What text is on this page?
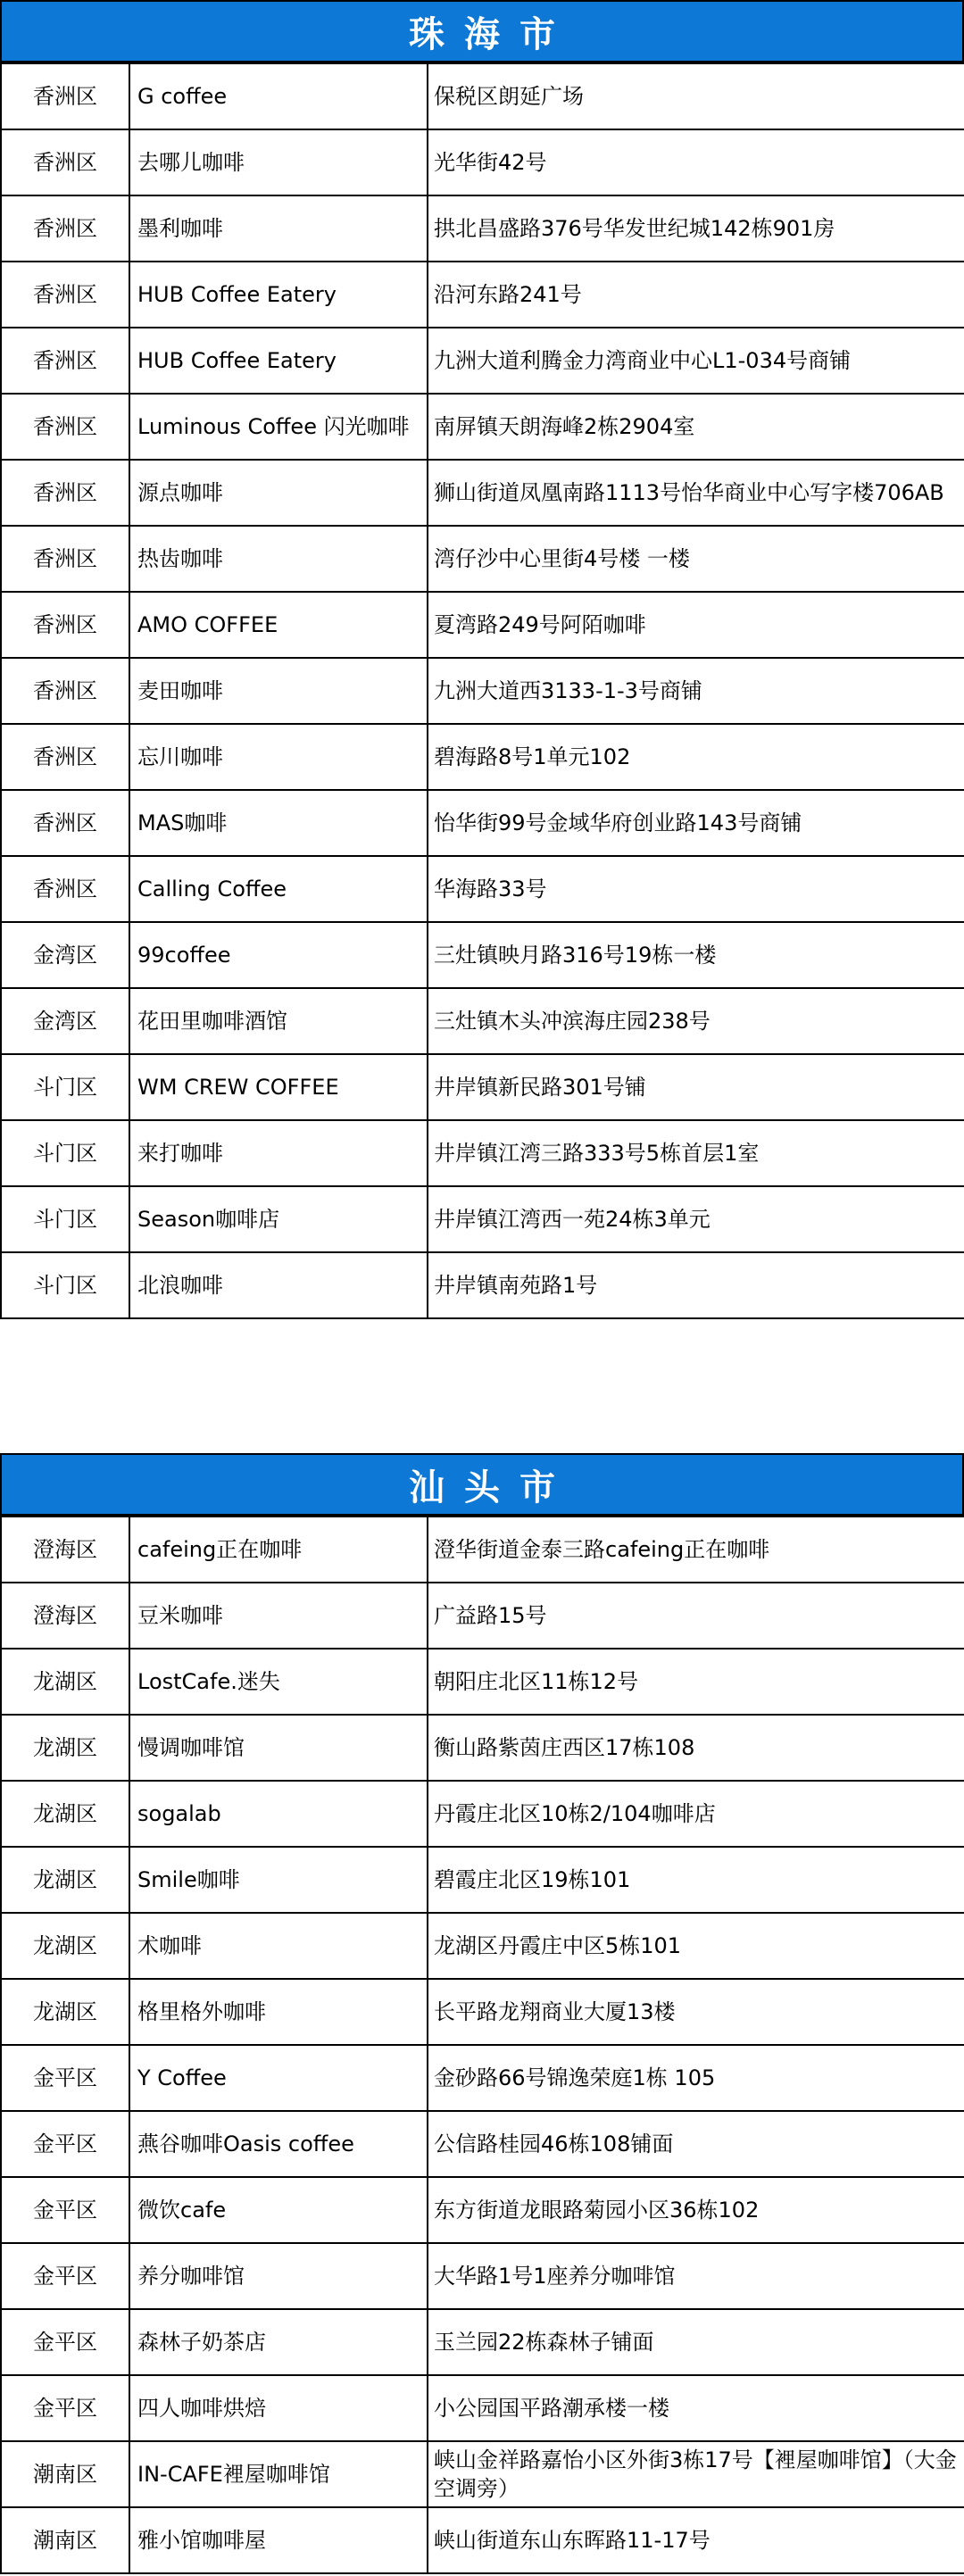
珠海市
香洲区	G coffee	保税区朗延广场
香洲区	去哪儿咖啡	光华街42号
香洲区	墨利咖啡	拱北昌盛路376号华发世纪城142栋901房
香洲区	HUB Coffee Eatery	沿河东路241号
香洲区	HUB Coffee Eatery	九洲大道利腾金力湾商业中心L1-034号商铺
香洲区	Luminous Coffee 闪光咖啡	南屏镇天朗海峰2栋2904室
香洲区	源点咖啡	狮山街道凤凰南路1113号怡华商业中心写字楼706AB
香洲区	热齿咖啡	湾仔沙中心里街4号楼 一楼
香洲区	AMO COFFEE	夏湾路249号阿陌咖啡
香洲区	麦田咖啡	九洲大道西3133-1-3号商铺
香洲区	忘川咖啡	碧海路8号1单元102
香洲区	MAS咖啡	怡华街99号金域华府创业路143号商铺
香洲区	Calling Coffee	华海路33号
金湾区	99coffee	三灶镇映月路316号19栋一楼
金湾区	花田里咖啡酒馆	三灶镇木头冲滨海庄园238号
斗门区	WM CREW COFFEE	井岸镇新民路301号铺
斗门区	来打咖啡	井岸镇江湾三路333号5栋首层1室
斗门区	Season咖啡店	井岸镇江湾西一苑24栋3单元
斗门区	北浪咖啡	井岸镇南苑路1号
汕头市
澄海区	cafeing正在咖啡	澄华街道金泰三路cafeing正在咖啡
澄海区	豆米咖啡	广益路15号
龙湖区	LostCafe.迷失	朝阳庄北区11栋12号
龙湖区	慢调咖啡馆	衡山路紫茵庄西区17栋108
龙湖区	sogalab	丹霞庄北区10栋2/104咖啡店
龙湖区	Smile咖啡	碧霞庄北区19栋101
龙湖区	术咖啡	龙湖区丹霞庄中区5栋101
龙湖区	格里格外咖啡	长平路龙翔商业大厦13楼
金平区	Y Coffee	金砂路66号锦逸荣庭1栋 105
金平区	燕谷咖啡Oasis coffee	公信路桂园46栋108铺面
金平区	微饮cafe	东方街道龙眼路菊园小区36栋102
金平区	养分咖啡馆	大华路1号1座养分咖啡馆
金平区	森林子奶茶店	玉兰园22栋森林子铺面
金平区	四人咖啡烘焙	小公园国平路潮承楼一楼
潮南区	IN-CAFE裡屋咖啡馆	峡山金祥路嘉怡小区外街3栋17号【裡屋咖啡馆】（大金空调旁）
潮南区	雅小馆咖啡屋	峡山街道东山东晖路11-17号
